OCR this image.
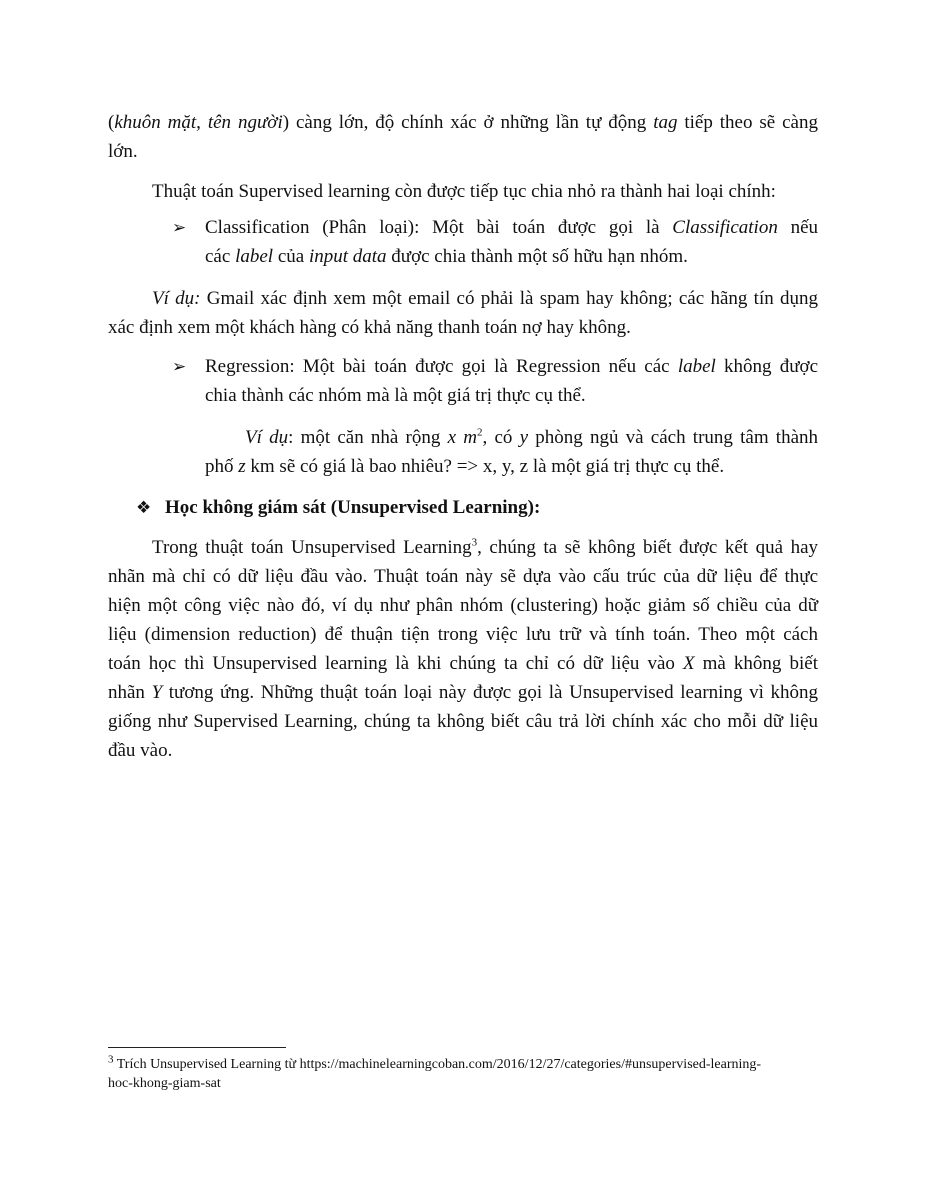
(khuôn mặt, tên người) càng lớn, độ chính xác ở những lần tự động tag tiếp theo sẽ càng
lớn.
Thuật toán Supervised learning còn được tiếp tục chia nhỏ ra thành hai loại chính:
➢ Classification (Phân loại): Một bài toán được gọi là Classification nếu
các label của input data được chia thành một số hữu hạn nhóm.
Ví dụ: Gmail xác định xem một email có phải là spam hay không; các hãng tín dụng
xác định xem một khách hàng có khả năng thanh toán nợ hay không.
➢ Regression: Một bài toán được gọi là Regression nếu các label không được
chia thành các nhóm mà là một giá trị thực cụ thể.
Ví dụ: một căn nhà rộng x $m^2$, có y phòng ngủ và cách trung tâm thành
phố z km sẽ có giá là bao nhiêu? => x, y, z là một giá trị thực cụ thể.
❖ Học không giám sát (Unsupervised Learning):
Trong thuật toán Unsupervised Learning$^3$, chúng ta sẽ không biết được kết quả hay
nhãn mà chỉ có dữ liệu đầu vào. Thuật toán này sẽ dựa vào cấu trúc của dữ liệu để thực
hiện một công việc nào đó, ví dụ như phân nhóm (clustering) hoặc giảm số chiều của dữ
liệu (dimension reduction) để thuận tiện trong việc lưu trữ và tính toán. Theo một cách
toán học thì Unsupervised learning là khi chúng ta chỉ có dữ liệu vào X mà không biết
nhãn Y tương ứng. Những thuật toán loại này được gọi là Unsupervised learning vì không
giống như Supervised Learning, chúng ta không biết câu trả lời chính xác cho mỗi dữ liệu
đầu vào.
$^3$ Trích Unsupervised Learning từ https://machinelearningcoban.com/2016/12/27/categories/#unsupervised-learning-
hoc-khong-giam-sat
